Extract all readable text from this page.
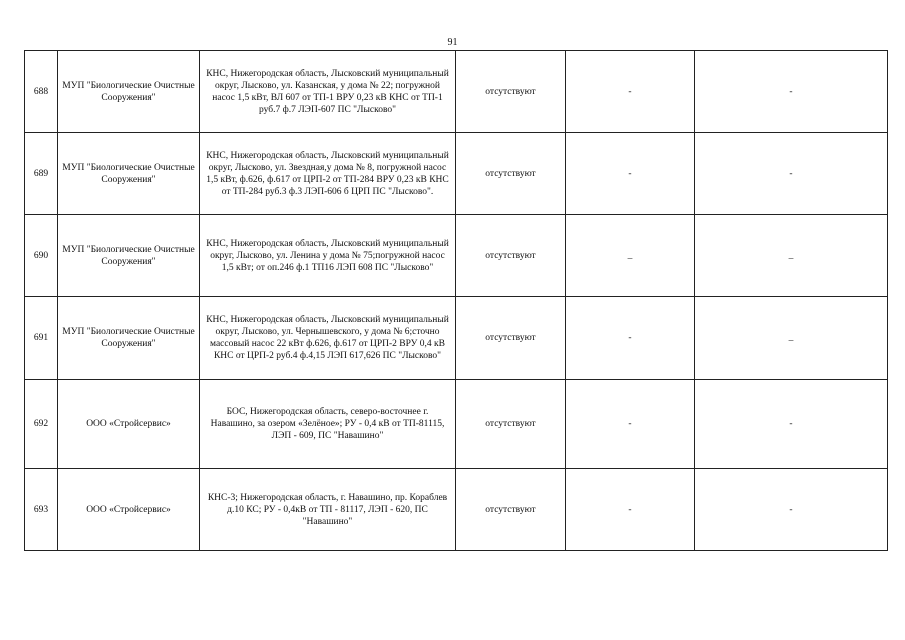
91
688	МУП "Биологические Очистные Сооружения"	КНС, Нижегородская область, Лысковский муниципальный округ, Лысково, ул. Казанская, у дома № 22; погружной насос 1,5 кВт, ВЛ 607 от ТП-1 ВРУ 0,23 кВ КНС от ТП-1 руб.7 ф.7 ЛЭП-607 ПС "Лысково"	отсутствуют	-	-
689	МУП "Биологические Очистные Сооружения"	КНС, Нижегородская область, Лысковский муниципальный округ, Лысково, ул. Звездная,у дома № 8, погружной насос 1,5 кВт, ф.626, ф.617 от ЦРП-2 от ТП-284 ВРУ 0,23 кВ КНС от ТП-284 руб.3 ф.3 ЛЭП-606 б ЦРП ПС "Лысково".	отсутствуют	-	-
690	МУП "Биологические Очистные Сооружения"	КНС, Нижегородская область, Лысковский муниципальный округ, Лысково, ул. Ленина у дома № 75;погружной насос 1,5 кВт; от оп.246 ф.1 ТП16 ЛЭП 608 ПС "Лысково"	отсутствуют	_	_
691	МУП "Биологические Очистные Сооружения"	КНС, Нижегородская область, Лысковский муниципальный округ, Лысково, ул. Чернышевского, у дома № 6;сточно массовый насос 22 кВт ф.626, ф.617 от ЦРП-2 ВРУ 0,4 кВ КНС от ЦРП-2 руб.4 ф.4,15 ЛЭП 617,626 ПС "Лысково"	отсутствуют	-	_
692	ООО «Стройсервис»	БОС, Нижегородская область, северо-восточнее г. Навашино, за озером «Зелёное»; РУ - 0,4 кВ от ТП-81115, ЛЭП - 609, ПС "Навашино"	отсутствуют	-	-
693	ООО «Стройсервис»	КНС-3; Нижегородская область, г. Навашино, пр. Кораблев д.10 КС; РУ - 0,4кВ от ТП - 81117, ЛЭП - 620, ПС "Навашино"	отсутствуют	-	-
